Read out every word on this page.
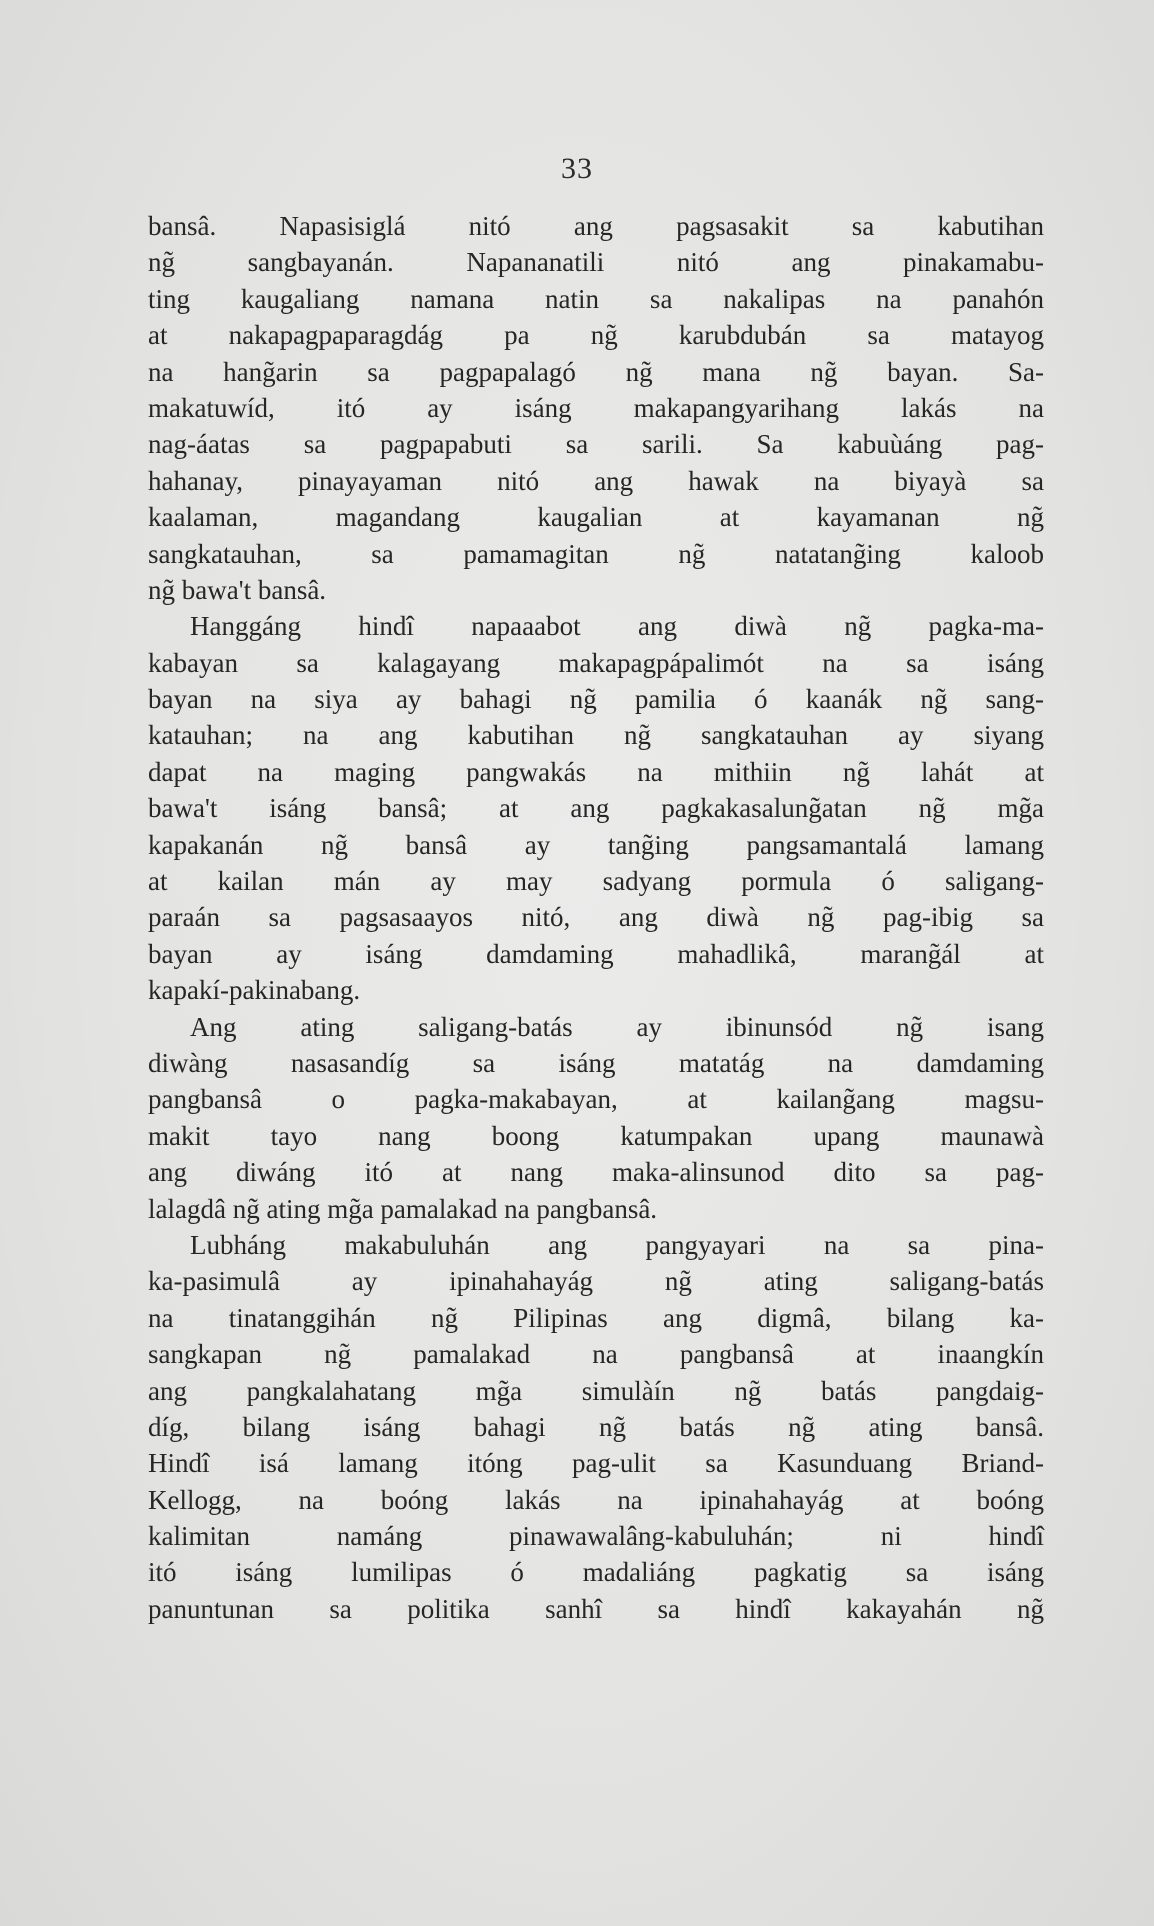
33
bansâ. Napasisiglá nitó ang pagsasakit sa kabutihan
ng̃ sangbayanán. Napananatili nitó ang pinakamabu-
ting kaugaliang namana natin sa nakalipas na panahón
at nakapagpaparagdág pa ng̃ karubdubán sa matayog
na hang̃arin sa pagpapalagó ng̃ mana ng̃ bayan. Sa-
makatuwíd, itó ay isáng makapangyarihang lakás na
nag-áatas sa pagpapabuti sa sarili. Sa kabuùáng pag-
hahanay, pinayayaman nitó ang hawak na biyayà sa
kaalaman, magandang kaugalian at kayamanan ng̃
sangkatauhan, sa pamamagitan ng̃ natatang̃ing kaloob
ng̃ bawa't bansâ.
Hanggáng hindî napaaabot ang diwà ng̃ pagka-ma-
kabayan sa kalagayang makapagpápalimót na sa isáng
bayan na siya ay bahagi ng̃ pamilia ó kaanák ng̃ sang-
katauhan; na ang kabutihan ng̃ sangkatauhan ay siyang
dapat na maging pangwakás na mithiin ng̃ lahát at
bawa't isáng bansâ; at ang pagkakasalung̃atan ng̃ mg̃a
kapakanán ng̃ bansâ ay tang̃ing pangsamantalá lamang
at kailan mán ay may sadyang pormula ó saligang-
paraán sa pagsasaayos nitó, ang diwà ng̃ pag-ibig sa
bayan ay isáng damdaming mahadlikâ, marang̃ál at
kapakí-pakinabang.
Ang ating saligang-batás ay ibinunsód ng̃ isang
diwàng nasasandíg sa isáng matatág na damdaming
pangbansâ o pagka-makabayan, at kailang̃ang magsu-
makit tayo nang boong katumpakan upang maunawà
ang diwáng itó at nang maka-alinsunod dito sa pag-
lalagdâ ng̃ ating mg̃a pamalakad na pangbansâ.
Lubháng makabuluhán ang pangyayari na sa pina-
ka-pasimulâ ay ipinahahayág ng̃ ating saligang-batás
na tinatanggihán ng̃ Pilipinas ang digmâ, bilang ka-
sangkapan ng̃ pamalakad na pangbansâ at inaangkín
ang pangkalahatang mg̃a simulàín ng̃ batás pangdaig-
díg, bilang isáng bahagi ng̃ batás ng̃ ating bansâ.
Hindî isá lamang itóng pag-ulit sa Kasunduang Briand-
Kellogg, na boóng lakás na ipinahahayág at boóng
kalimitan namáng pinawawalâng-kabuluhán; ni hindî
itó isáng lumilipas ó madaliáng pagkatig sa isáng
panuntunan sa politika sanhî sa hindî kakayahán ng̃
